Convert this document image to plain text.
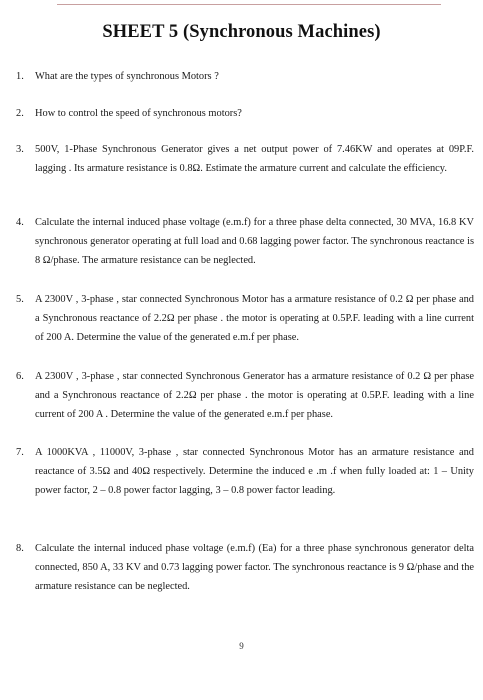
SHEET 5 (Synchronous Machines)
1.	What are the types of synchronous Motors ?
2.	How to control the speed of synchronous motors?
3.	500V, 1-Phase Synchronous Generator gives a net output power of 7.46KW and operates at 09P.F. lagging . Its armature resistance is 0.8Ω. Estimate the armature current and calculate the efficiency.
4.	Calculate the internal induced phase voltage (e.m.f) for a three phase delta connected, 30 MVA, 16.8 KV synchronous generator operating at full load and 0.68 lagging power factor. The synchronous reactance is 8 Ω/phase. The armature resistance can be neglected.
5.	A 2300V , 3-phase , star connected Synchronous Motor has a armature resistance of 0.2 Ω per phase and a Synchronous reactance of 2.2Ω per phase . the motor is operating at 0.5P.F. leading with a line current of 200 A. Determine the value of the generated e.m.f per phase.
6.	A 2300V , 3-phase , star connected Synchronous Generator has a armature resistance of 0.2 Ω per phase and a Synchronous reactance of 2.2Ω per phase . the motor is operating at 0.5P.F. leading with a line current of 200 A . Determine the value of the generated e.m.f per phase.
7.	A 1000KVA , 11000V, 3-phase , star connected Synchronous Motor has an armature resistance and reactance of 3.5Ω and 40Ω respectively. Determine the induced e .m .f when fully loaded at: 1 – Unity power factor, 2 – 0.8 power factor lagging, 3 – 0.8 power factor leading.
8.	Calculate the internal induced phase voltage (e.m.f) (Ea) for a three phase synchronous generator delta connected, 850 A, 33 KV and 0.73 lagging power factor. The synchronous reactance is 9 Ω/phase and the armature resistance can be neglected.
9
